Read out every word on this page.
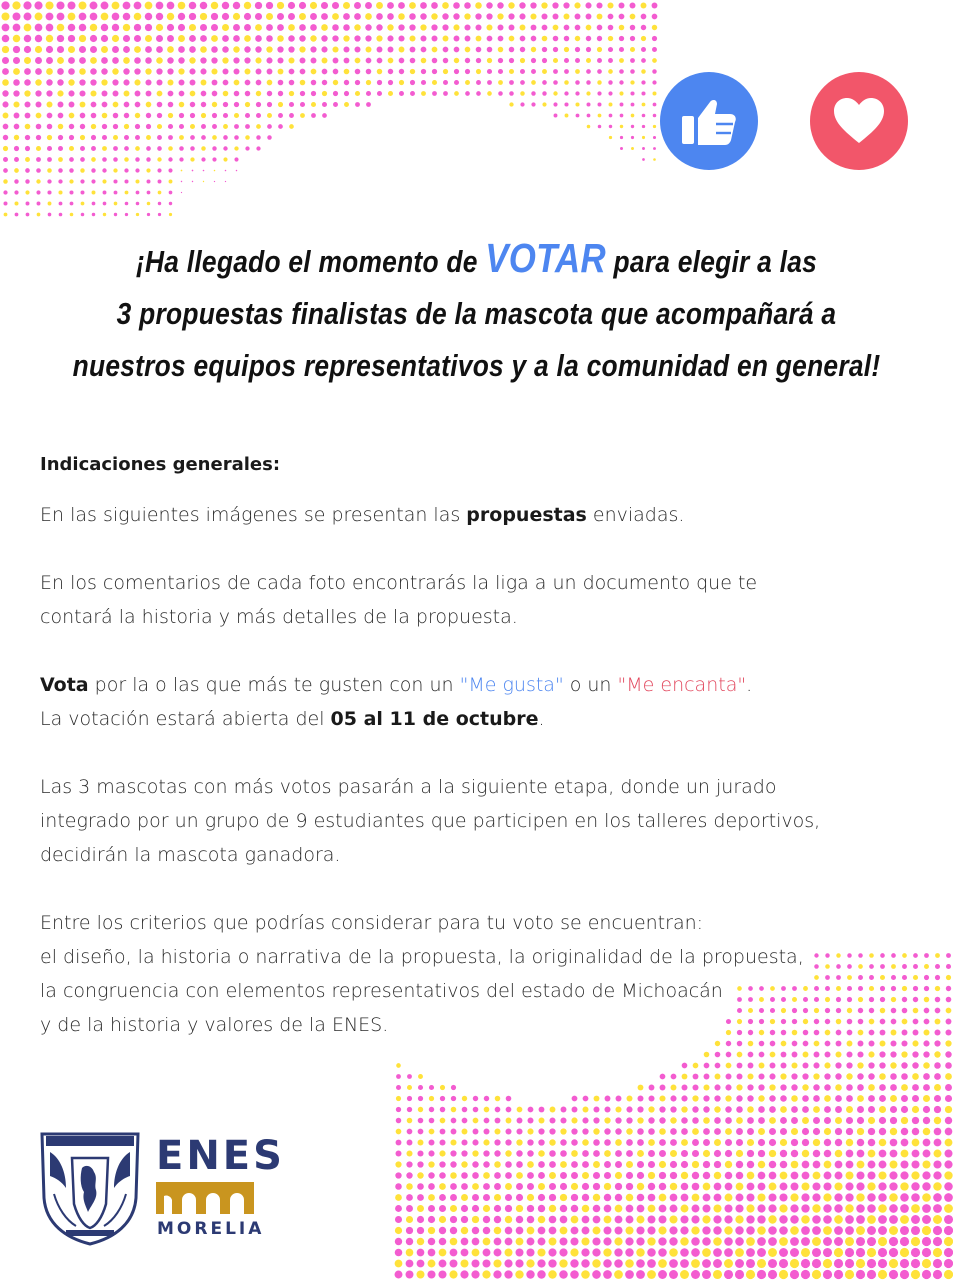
¡Ha llegado el momento de VOTAR para elegir a las
3 propuestas finalistas de la mascota que acompañará a
nuestros equipos representativos y a la comunidad en general!

Indicaciones generales:

En las siguientes imágenes se presentan las propuestas enviadas.

En los comentarios de cada foto encontrarás la liga a un documento que te

contará la historia y más detalles de la propuesta.

Vota por la o las que más te gusten con un "Me gusta" o un "Me encanta".

La votación estará abierta del 05 al 11 de octubre.

Las 3 mascotas con más votos pasarán a la siguiente etapa, donde un jurado

integrado por un grupo de 9 estudiantes que participen en los talleres deportivos,

decidirán la mascota ganadora.

Entre los criterios que podrías considerar para tu voto se encuentran:

el diseño, la historia o narrativa de la propuesta, la originalidad de la propuesta,

la congruencia con elementos representativos del estado de Michoacán

y de la historia y valores de la ENES.

ENES
MORELIA
